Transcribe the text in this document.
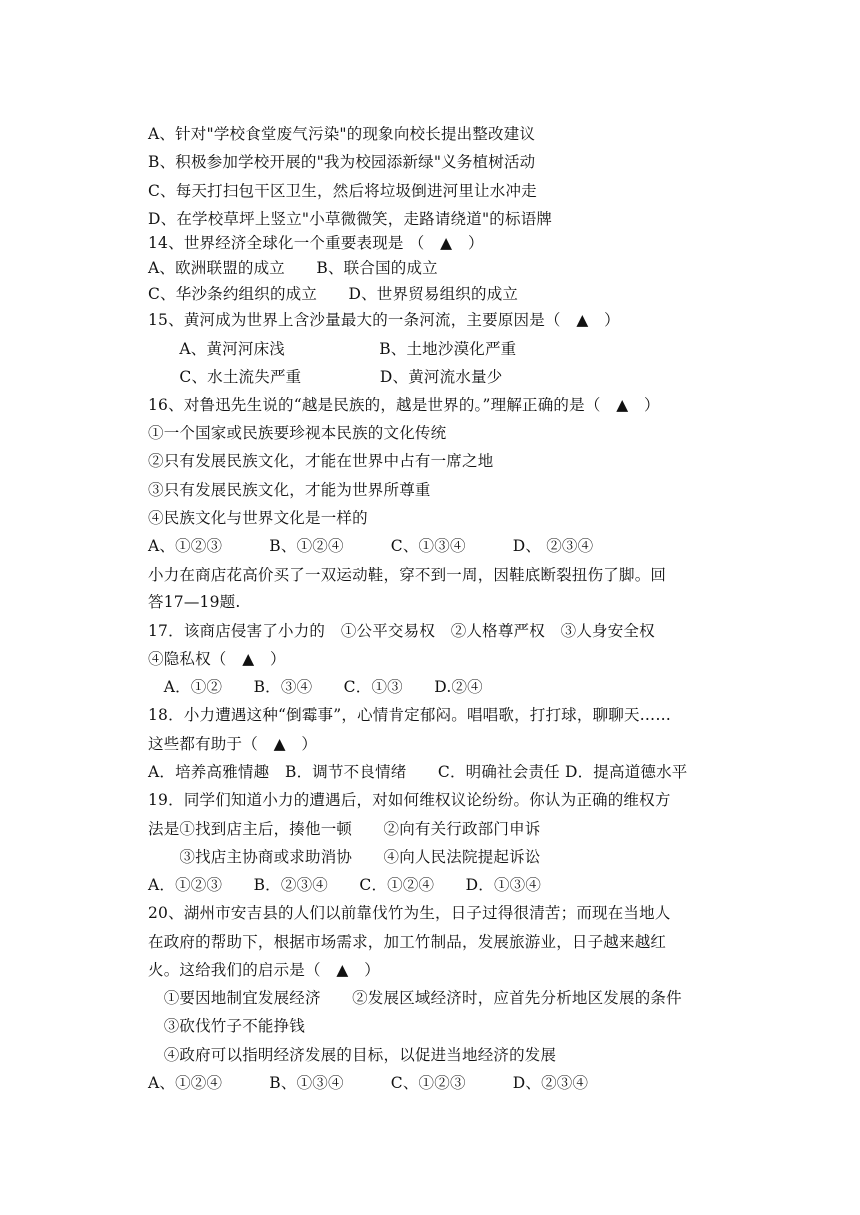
A、针对"学校食堂废气污染"的现象向校长提出整改建议
B、积极参加学校开展的"我为校园添新绿"义务植树活动
C、每天打扫包干区卫生，然后将垃圾倒进河里让水冲走
D、在学校草坪上竖立"小草微微笑，走路请绕道"的标语牌
14、世界经济全球化一个重要表现是 （　▲　）
A、欧洲联盟的成立　　B、联合国的成立
C、华沙条约组织的成立　　D、世界贸易组织的成立
15、黄河成为世界上含沙量最大的一条河流，主要原因是（　▲　）
　　A、黄河河床浅　　　　　　B、土地沙漠化严重
　　C、水土流失严重　　　　　D、黄河流水量少
16、对鲁迅先生说的“越是民族的，越是世界的。”理解正确的是（　▲　）
①一个国家或民族要珍视本民族的文化传统
②只有发展民族文化，才能在世界中占有一席之地
③只有发展民族文化，才能为世界所尊重
④民族文化与世界文化是一样的
A、①②③　　　B、①②④　　　C、①③④　　　D、 ②③④
小力在商店花高价买了一双运动鞋，穿不到一周，因鞋底断裂扭伤了脚。回
答17—19题.
17．该商店侵害了小力的　①公平交易权　②人格尊严权　③人身安全权
④隐私权（　▲　）
　A．①②　　B．③④　　C．①③　　D.②④
18．小力遭遇这种“倒霉事”，心情肯定郁闷。唱唱歌，打打球，聊聊天……
这些都有助于（　▲　）
A．培养高雅情趣　B．调节不良情绪　　C．明确社会责任 D．提高道德水平
19．同学们知道小力的遭遇后，对如何维权议论纷纷。你认为正确的维权方
法是①找到店主后，揍他一顿　　②向有关行政部门申诉
　　③找店主协商或求助消协　　④向人民法院提起诉讼
A．①②③　　B．②③④　　C．①②④　　D．①③④
20、湖州市安吉县的人们以前靠伐竹为生，日子过得很清苦；而现在当地人
在政府的帮助下，根据市场需求，加工竹制品，发展旅游业，日子越来越红
火。这给我们的启示是（　▲　）
　①要因地制宜发展经济　　②发展区域经济时，应首先分析地区发展的条件
　③砍伐竹子不能挣钱
　④政府可以指明经济发展的目标，以促进当地经济的发展
A、①②④　　　B、①③④　　　C、①②③　　　D、②③④
